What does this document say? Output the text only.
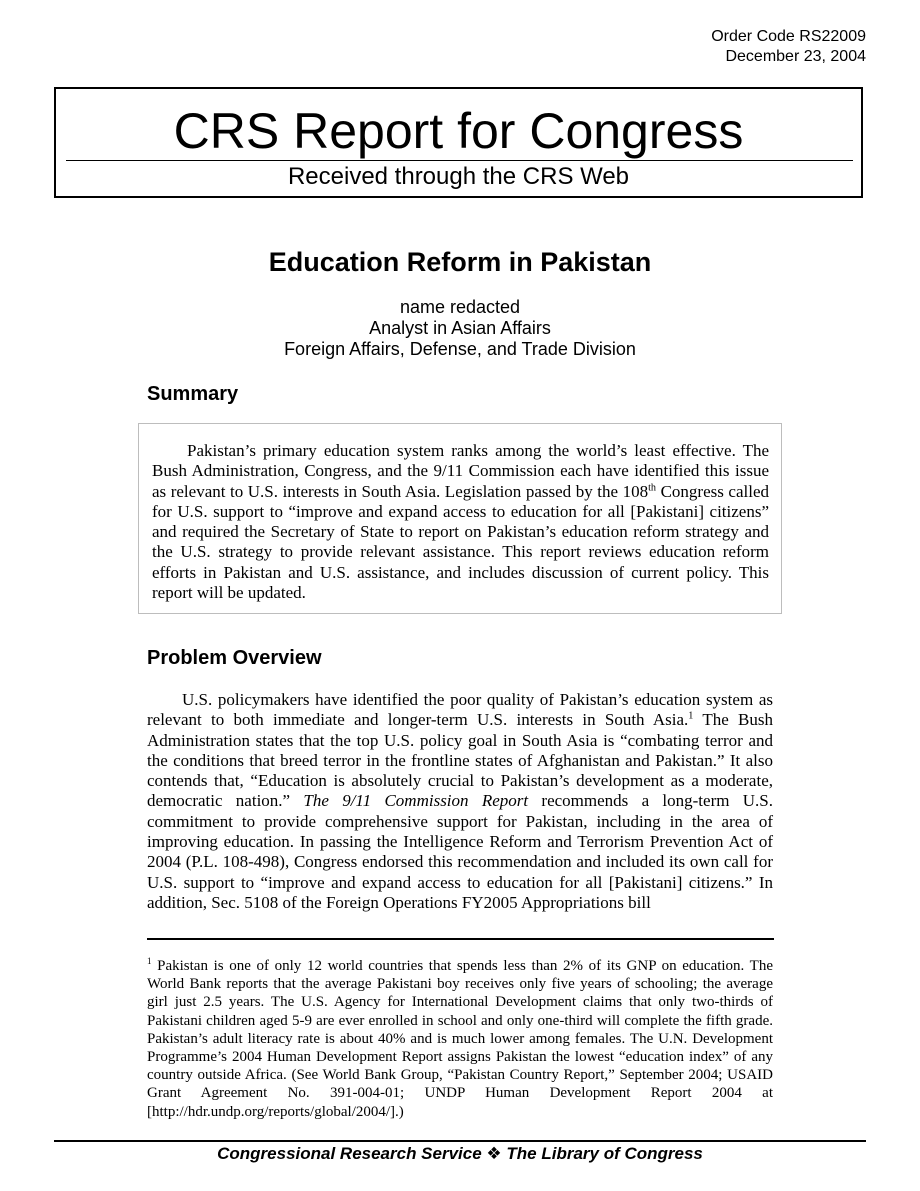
Order Code RS22009
December 23, 2004
CRS Report for Congress
Received through the CRS Web
Education Reform in Pakistan
name redacted
Analyst in Asian Affairs
Foreign Affairs, Defense, and Trade Division
Summary

Pakistan’s primary education system ranks among the world’s least effective. The Bush Administration, Congress, and the 9/11 Commission each have identified this issue as relevant to U.S. interests in South Asia. Legislation passed by the 108th Congress called for U.S. support to “improve and expand access to education for all [Pakistani] citizens” and required the Secretary of State to report on Pakistan’s education reform strategy and the U.S. strategy to provide relevant assistance. This report reviews education reform efforts in Pakistan and U.S. assistance, and includes discussion of current policy. This report will be updated.

Problem Overview

U.S. policymakers have identified the poor quality of Pakistan’s education system as relevant to both immediate and longer-term U.S. interests in South Asia.$^1$ The Bush Administration states that the top U.S. policy goal in South Asia is “combating terror and the conditions that breed terror in the frontline states of Afghanistan and Pakistan.” It also contends that, “Education is absolutely crucial to Pakistan’s development as a moderate, democratic nation.” The 9/11 Commission Report recommends a long-term U.S. commitment to provide comprehensive support for Pakistan, including in the area of improving education. In passing the Intelligence Reform and Terrorism Prevention Act of 2004 (P.L. 108-498), Congress endorsed this recommendation and included its own call for U.S. support to “improve and expand access to education for all [Pakistani] citizens.” In addition, Sec. 5108 of the Foreign Operations FY2005 Appropriations bill

$^1$ Pakistan is one of only 12 world countries that spends less than 2% of its GNP on education. The World Bank reports that the average Pakistani boy receives only five years of schooling; the average girl just 2.5 years. The U.S. Agency for International Development claims that only two-thirds of Pakistani children aged 5-9 are ever enrolled in school and only one-third will complete the fifth grade. Pakistan’s adult literacy rate is about 40% and is much lower among females. The U.N. Development Programme’s 2004 Human Development Report assigns Pakistan the lowest “education index” of any country outside Africa. (See World Bank Group, “Pakistan Country Report,” September 2004; USAID Grant Agreement No. 391-004-01; UNDP Human Development Report 2004 at [http://hdr.undp.org/reports/global/2004/].)

Congressional Research Service ❖ The Library of Congress
